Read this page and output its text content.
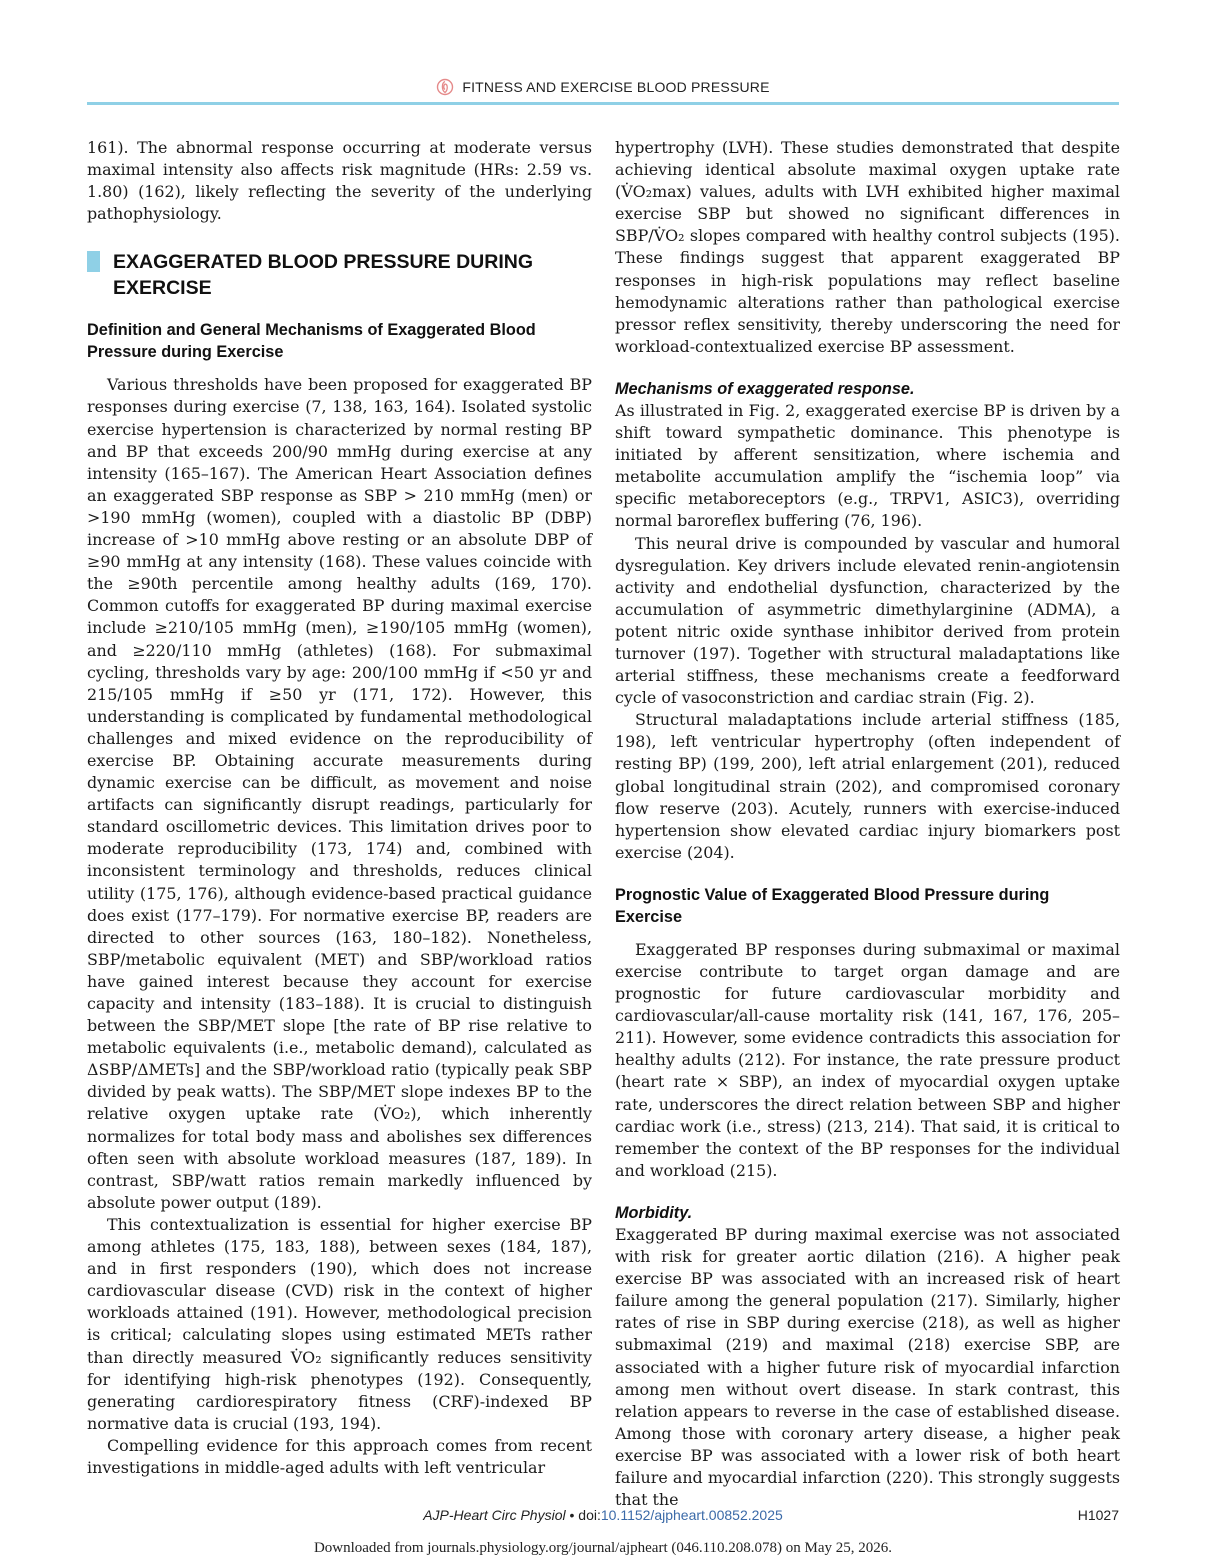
FITNESS AND EXERCISE BLOOD PRESSURE

161). The abnormal response occurring at moderate versus maximal intensity also affects risk magnitude (HRs: 2.59 vs. 1.80) (162), likely reflecting the severity of the underlying pathophysiology.

EXAGGERATED BLOOD PRESSURE DURING EXERCISE
Definition and General Mechanisms of Exaggerated Blood Pressure during Exercise

Various thresholds have been proposed for exaggerated BP responses during exercise (7, 138, 163, 164). Isolated systolic exercise hypertension is characterized by normal resting BP and BP that exceeds 200/90 mmHg during exercise at any intensity (165–167). The American Heart Association defines an exaggerated SBP response as SBP > 210 mmHg (men) or >190 mmHg (women), coupled with a diastolic BP (DBP) increase of >10 mmHg above resting or an absolute DBP of ≥90 mmHg at any intensity (168). These values coincide with the ≥90th percentile among healthy adults (169, 170). Common cutoffs for exaggerated BP during maximal exercise include ≥210/105 mmHg (men), ≥190/105 mmHg (women), and ≥220/110 mmHg (athletes) (168). For submaximal cycling, thresholds vary by age: 200/100 mmHg if <50 yr and 215/105 mmHg if ≥50 yr (171, 172). However, this understanding is complicated by fundamental methodological challenges and mixed evidence on the reproducibility of exercise BP. Obtaining accurate measurements during dynamic exercise can be difficult, as movement and noise artifacts can significantly disrupt readings, particularly for standard oscillometric devices. This limitation drives poor to moderate reproducibility (173, 174) and, combined with inconsistent terminology and thresholds, reduces clinical utility (175, 176), although evidence-based practical guidance does exist (177–179). For normative exercise BP, readers are directed to other sources (163, 180–182). Nonetheless, SBP/metabolic equivalent (MET) and SBP/workload ratios have gained interest because they account for exercise capacity and intensity (183–188). It is crucial to distinguish between the SBP/MET slope [the rate of BP rise relative to metabolic equivalents (i.e., metabolic demand), calculated as ΔSBP/ΔMETs] and the SBP/workload ratio (typically peak SBP divided by peak watts). The SBP/MET slope indexes BP to the relative oxygen uptake rate (V̇O₂), which inherently normalizes for total body mass and abolishes sex differences often seen with absolute workload measures (187, 189). In contrast, SBP/watt ratios remain markedly influenced by absolute power output (189).

This contextualization is essential for higher exercise BP among athletes (175, 183, 188), between sexes (184, 187), and in first responders (190), which does not increase cardiovascular disease (CVD) risk in the context of higher workloads attained (191). However, methodological precision is critical; calculating slopes using estimated METs rather than directly measured V̇O₂ significantly reduces sensitivity for identifying high-risk phenotypes (192). Consequently, generating cardiorespiratory fitness (CRF)-indexed BP normative data is crucial (193, 194).

Compelling evidence for this approach comes from recent investigations in middle-aged adults with left ventricular

hypertrophy (LVH). These studies demonstrated that despite achieving identical absolute maximal oxygen uptake rate (V̇O₂max) values, adults with LVH exhibited higher maximal exercise SBP but showed no significant differences in SBP/V̇O₂ slopes compared with healthy control subjects (195). These findings suggest that apparent exaggerated BP responses in high-risk populations may reflect baseline hemodynamic alterations rather than pathological exercise pressor reflex sensitivity, thereby underscoring the need for workload-contextualized exercise BP assessment.

Mechanisms of exaggerated response.

As illustrated in Fig. 2, exaggerated exercise BP is driven by a shift toward sympathetic dominance. This phenotype is initiated by afferent sensitization, where ischemia and metabolite accumulation amplify the “ischemia loop” via specific metaboreceptors (e.g., TRPV1, ASIC3), overriding normal baroreflex buffering (76, 196).

This neural drive is compounded by vascular and humoral dysregulation. Key drivers include elevated renin-angiotensin activity and endothelial dysfunction, characterized by the accumulation of asymmetric dimethylarginine (ADMA), a potent nitric oxide synthase inhibitor derived from protein turnover (197). Together with structural maladaptations like arterial stiffness, these mechanisms create a feedforward cycle of vasoconstriction and cardiac strain (Fig. 2).

Structural maladaptations include arterial stiffness (185, 198), left ventricular hypertrophy (often independent of resting BP) (199, 200), left atrial enlargement (201), reduced global longitudinal strain (202), and compromised coronary flow reserve (203). Acutely, runners with exercise-induced hypertension show elevated cardiac injury biomarkers post exercise (204).

Prognostic Value of Exaggerated Blood Pressure during Exercise

Exaggerated BP responses during submaximal or maximal exercise contribute to target organ damage and are prognostic for future cardiovascular morbidity and cardiovascular/all-cause mortality risk (141, 167, 176, 205–211). However, some evidence contradicts this association for healthy adults (212). For instance, the rate pressure product (heart rate × SBP), an index of myocardial oxygen uptake rate, underscores the direct relation between SBP and higher cardiac work (i.e., stress) (213, 214). That said, it is critical to remember the context of the BP responses for the individual and workload (215).

Morbidity.

Exaggerated BP during maximal exercise was not associated with risk for greater aortic dilation (216). A higher peak exercise BP was associated with an increased risk of heart failure among the general population (217). Similarly, higher rates of rise in SBP during exercise (218), as well as higher submaximal (219) and maximal (218) exercise SBP, are associated with a higher future risk of myocardial infarction among men without overt disease. In stark contrast, this relation appears to reverse in the case of established disease. Among those with coronary artery disease, a higher peak exercise BP was associated with a lower risk of both heart failure and myocardial infarction (220). This strongly suggests that the

AJP-Heart Circ Physiol • doi:10.1152/ajpheart.00852.2025	H1027
Downloaded from journals.physiology.org/journal/ajpheart (046.110.208.078) on May 25, 2026.
